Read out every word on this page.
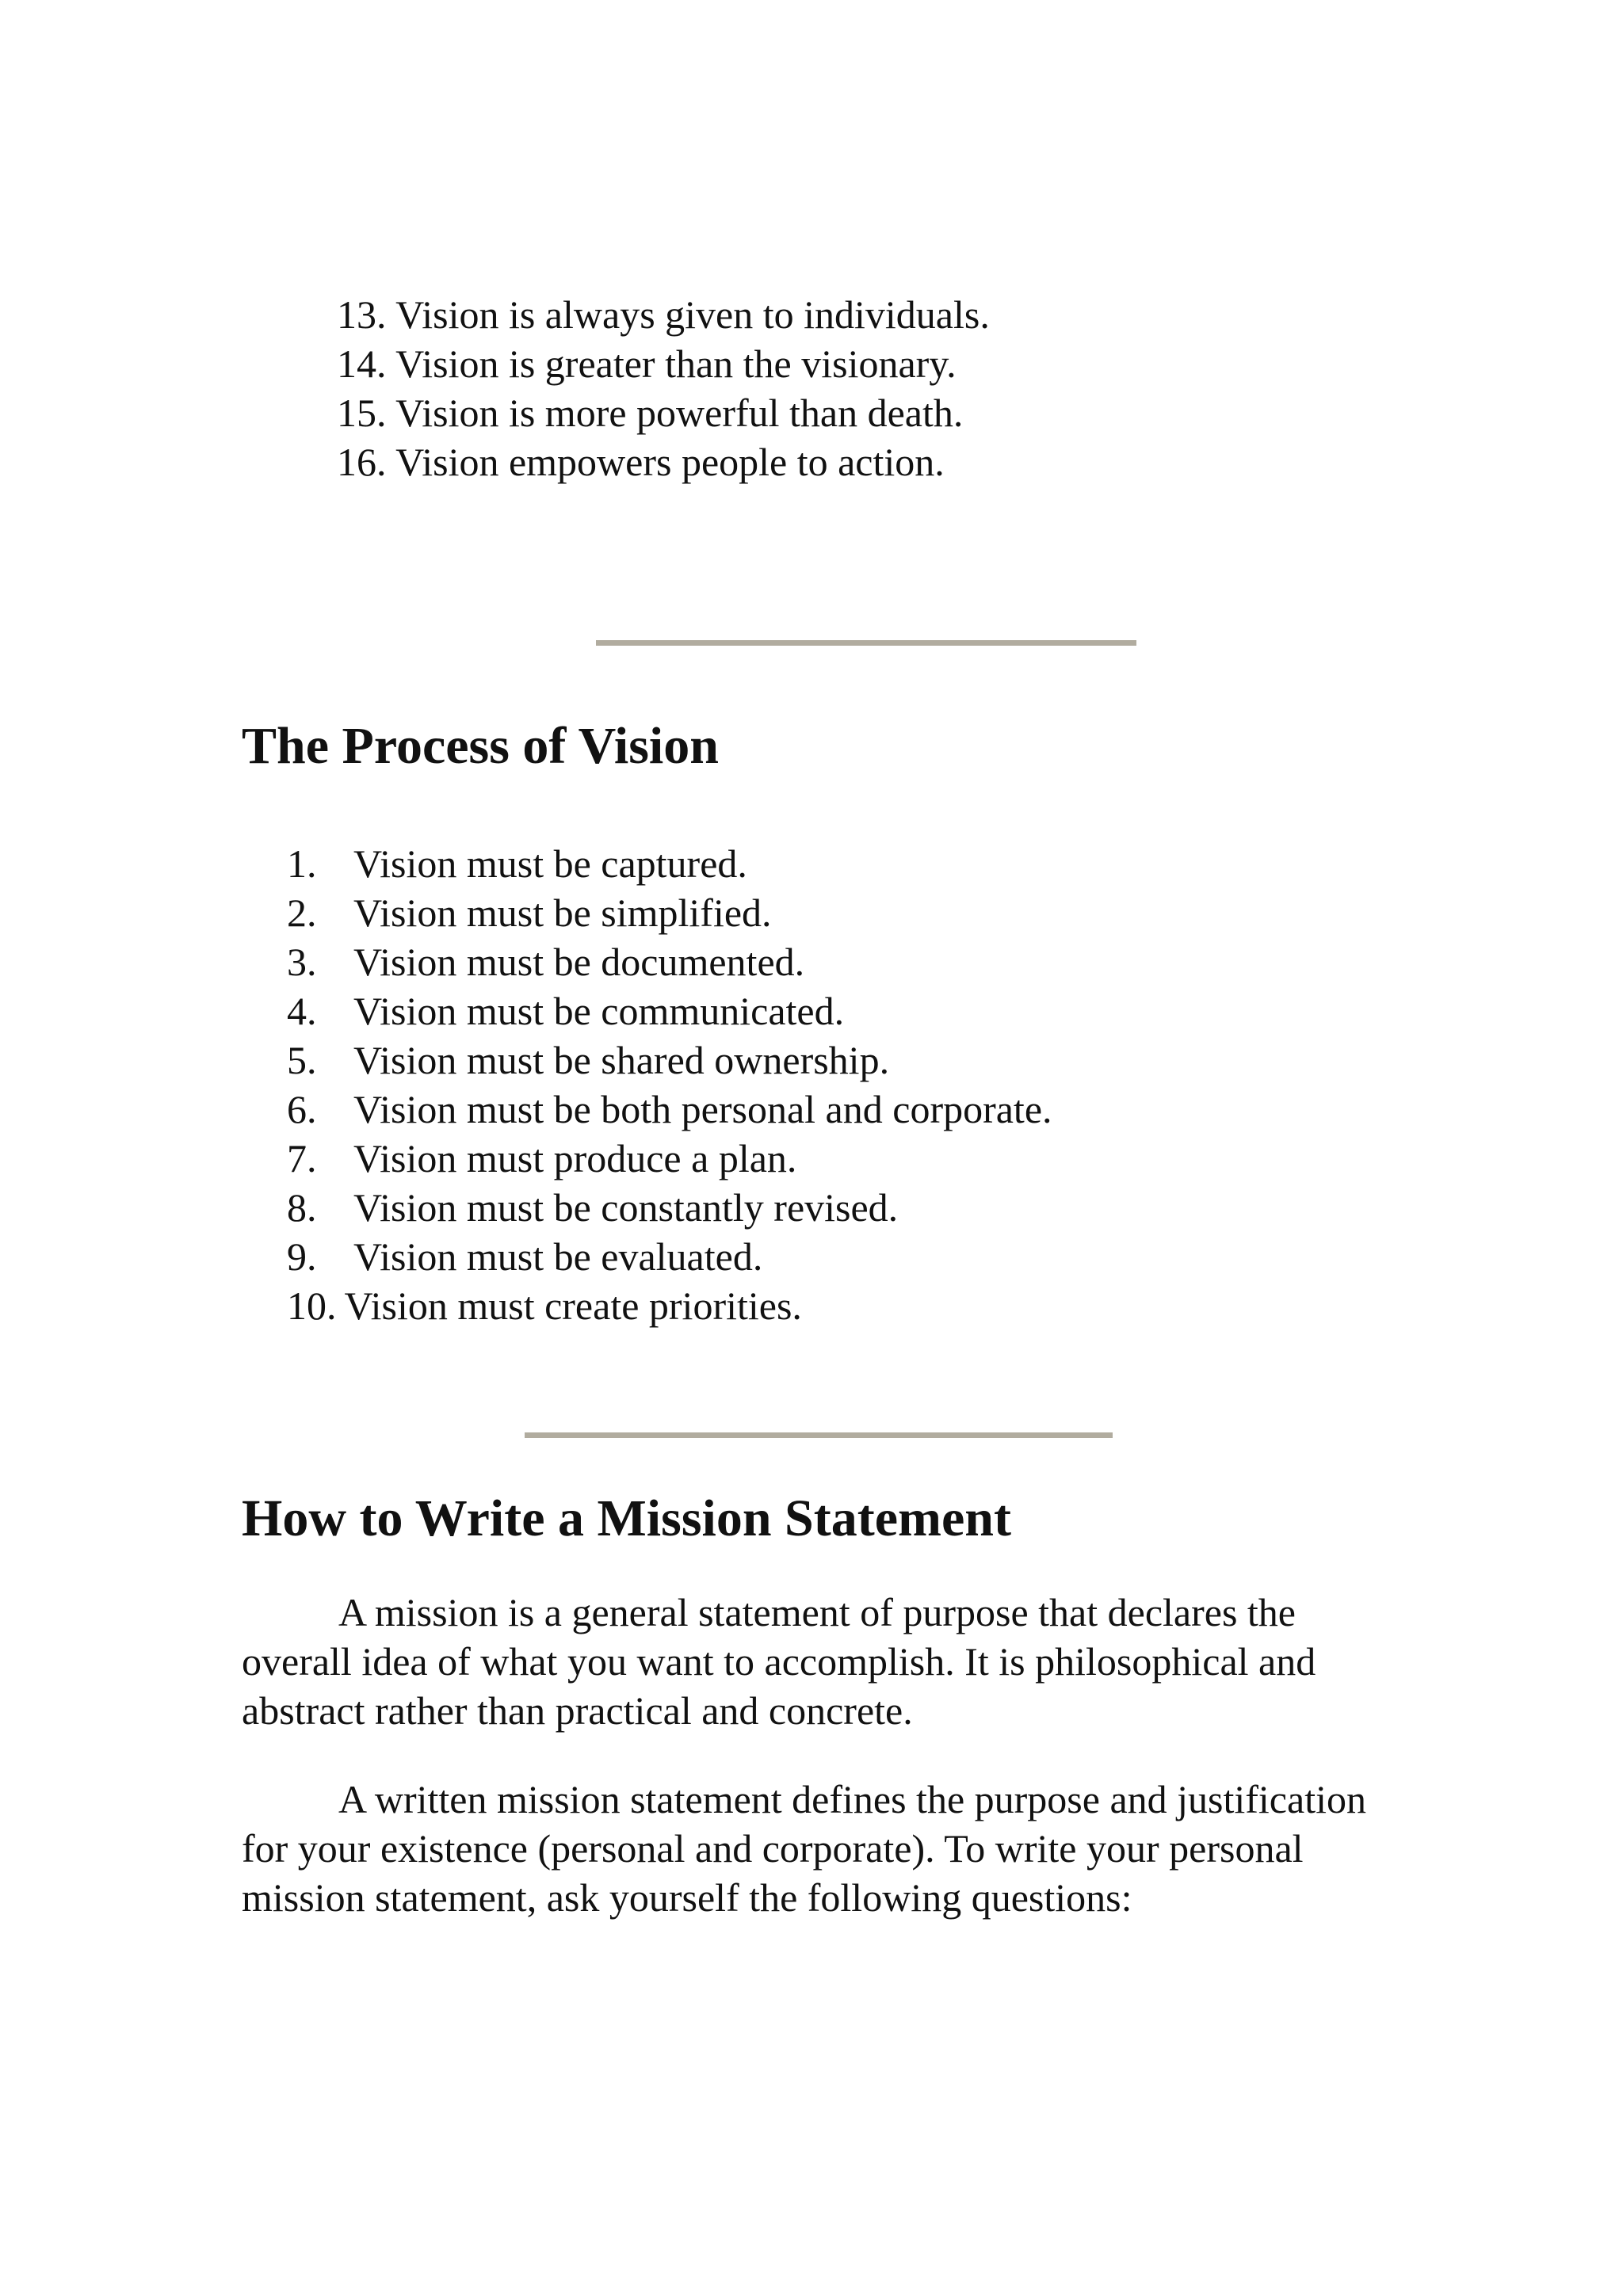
13. Vision is always given to individuals.
14. Vision is greater than the visionary.
15. Vision is more powerful than death.
16. Vision empowers people to action.
The Process of Vision
1. Vision must be captured.
2. Vision must be simplified.
3. Vision must be documented.
4. Vision must be communicated.
5. Vision must be shared ownership.
6. Vision must be both personal and corporate.
7. Vision must produce a plan.
8. Vision must be constantly revised.
9. Vision must be evaluated.
10. Vision must create priorities.
How to Write a Mission Statement

A mission is a general statement of purpose that declares the overall idea of what you want to accomplish. It is philosophical and abstract rather than practical and concrete.

A written mission statement defines the purpose and justification for your existence (personal and corporate). To write your personal mission statement, ask yourself the following questions:
